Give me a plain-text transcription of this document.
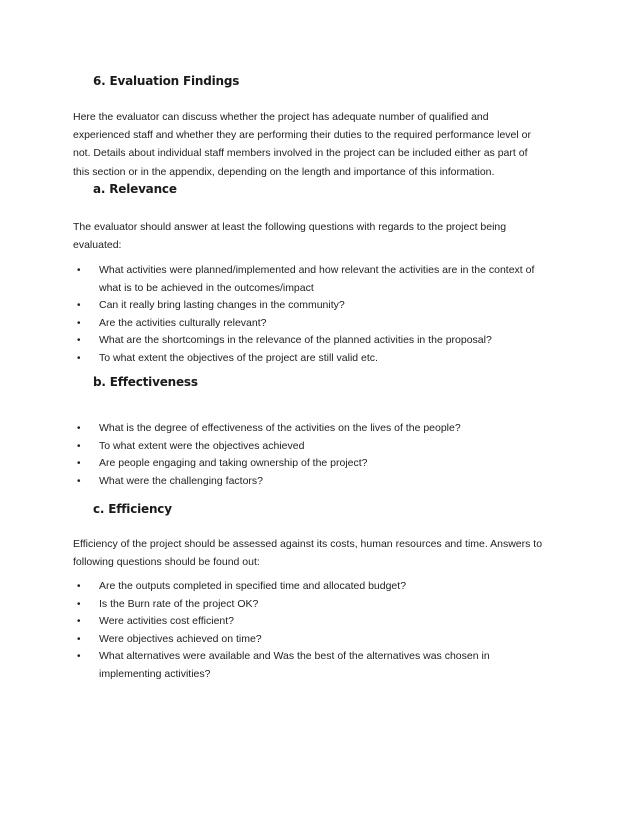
6. Evaluation Findings

Here the evaluator can discuss whether the project has adequate number of qualified and
experienced staff and whether they are performing their duties to the required performance level or
not. Details about individual staff members involved in the project can be included either as part of
this section or in the appendix, depending on the length and importance of this information.

a. Relevance

The evaluator should answer at least the following questions with regards to the project being
evaluated:

• What activities were planned/implemented and how relevant the activities are in the context of
what is to be achieved in the outcomes/impact
• Can it really bring lasting changes in the community?
• Are the activities culturally relevant?
• What are the shortcomings in the relevance of the planned activities in the proposal?
• To what extent the objectives of the project are still valid etc.
b. Effectiveness
• What is the degree of effectiveness of the activities on the lives of the people?
• To what extent were the objectives achieved
• Are people engaging and taking ownership of the project?
• What were the challenging factors?
c. Efficiency

Efficiency of the project should be assessed against its costs, human resources and time. Answers to
following questions should be found out:

• Are the outputs completed in specified time and allocated budget?
• Is the Burn rate of the project OK?
• Were activities cost efficient?
• Were objectives achieved on time?
• What alternatives were available and Was the best of the alternatives was chosen in
implementing activities?
